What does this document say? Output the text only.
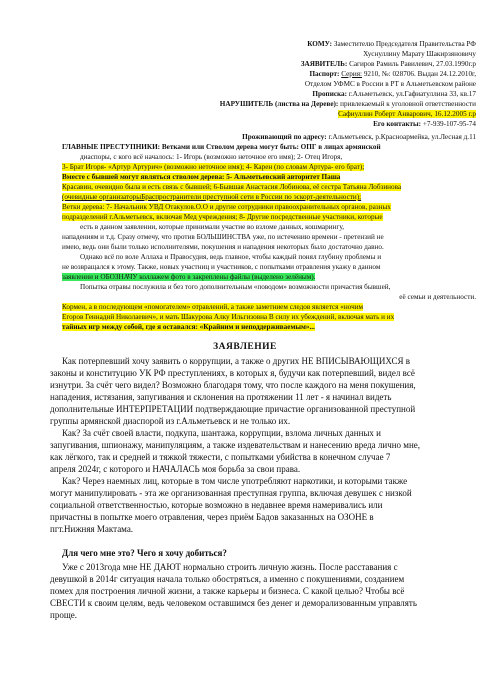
КОМУ: Заместителю Председателя Правительства РФ
Хуснуллину Марату Шакирзяновичу
ЗАЯВИТЕЛЬ: Сагиров Рамиль Равилевич, 27.03.1990г.р
Паспорт: Серия: 9210, №: 028706. Выдан 24.12.2010г,
Отделом УФМС в России в РТ в Альметьевском районе
Прописка: г.Альметьевск, ул.Гафиатуллина 33, кв.17
НАРУШИТЕЛЬ (листва на Дереве): привлекаемый к уголовной ответственности
Сафиуллин Роберт Анварович, 16.12.2005 г.р
Его контакты: +7-939-107-95-74
Проживающий по адресу: г.Альметьевск, р.Красноармейка, ул.Лесная д.11
ГЛАВНЫЕ ПРЕСТУПНИКИ: Ветками или Стволом дерева могут быть: ОПГ в лицах армянской
диаспоры, с кого всё началось: 1- Игорь (возможно неточное его имя); 2- Отец Игоря,
3- Брат Игоря- «Артур Артурич» (возможно неточное имя); 4- Карен (по словам Артура- его брат);
Вместе с бывшей могут являться стволом дерева: 5- Альметьевский авторитет Паша
Красавин, очевидно была и есть связь с бывшей; 6-Бывшая Анастасия Лобинова, её сестра Татьяна Лобзинова
(очевидные организаторыБраспространители преступной сети в России по эскорт-деятельности);
Ветки дерева: 7- Начальник УВД Отакулов.О.О и другие сотрудники правоохранительных органов, разных
подразделений г.Альметьевск, включая Мед учреждения; 8- Другие посредственные участники, которые
есть в данном заявлении, которые принимали участие во взломе данных, кошмарингу,
нападениям и т.д. Сразу отмечу, что против БОЛЬШИНСТВА уже, по истечению времени - претензий не
имею, ведь они были только исполнителями, покушения и нападения некоторых было достаточно давно.
Однако всё по воле Аллаха и Правосудия, ведь главное, чтобы каждый понял глубину проблемы и
не возвращался к этому. Также, новых участниц и участников, с попытками отравления укажу в данном
заявлении и ОБОЗНАЧУ коллажем фото в закреплены файлы (выделено зелёным).
Попытка отравы послужила и без того дополнительным «поводом» возможности причастия бывшей,
её семьи и деятельности.
Кормен, а в последующем «помогателем» отравлений, а также заметнием следов является «ночим
Егоров Геннадий Николаевич», и мать Шакурова Алку Ильгизовна В силу их убеждений, включая мать и их
тайных игр между собой, где я оставался: «Крайним и неподдерживаемым»...
ЗАЯВЛЕНИЕ
Как потерпевший хочу заявить о коррупции, а также о других НЕ ВПИСЫВАЮЩИХСЯ в
законы и конституцию УК РФ преступлениях, в которых я, будучи как потерпевший, видел всё
изнутри. За счёт чего видел? Возможно благодаря тому, что после каждого на меня покушения,
нападения, истязания, запугивания и склонения на протяжении 11 лет - я начинал видеть
дополнительные ИНТЕРПРЕТАЦИИ подтверждающие причастие организованной преступной
группы армянской диаспорой из г.Альметьевск и не только их.
Как? За счёт своей власти, подкупа, шантажа, коррупции, взлома личных данных и
запугивания, шпионажу, манипуляциям, а также издевательствам и нанесению вреда лично мне,
как лёгкого, так и средней и тяжкой тяжести, с попытками убийства в конечном случае 7
апреля 2024г, с которого и НАЧАЛАСЬ моя борьба за свои права.
Как? Через наемных лиц, которые в том числе употребляют наркотики, и которыми также
могут манипулировать - эта же организованная преступная группа, включая девушек с низкой
социальной ответственностью, которые возможно в недавнее время намеривались или
причастны в попытке моего отравления, через приём Бадов заказанных на ОЗОНЕ в
пгт.Нижняя Мактама.
Для чего мне это? Чего я хочу добиться?
Уже с 2013года мне НЕ ДАЮТ нормально строить личную жизнь. После расставания с
девушкой в 2014г ситуация начала только обостряться, а именно с покушениями, созданием
помех для построения личной жизни, а также карьеры и бизнеса. С какой целью? Чтобы всё
СВЕСТИ к своим целям, ведь человеком оставшимся без денег и деморализованным управлять
проще.
